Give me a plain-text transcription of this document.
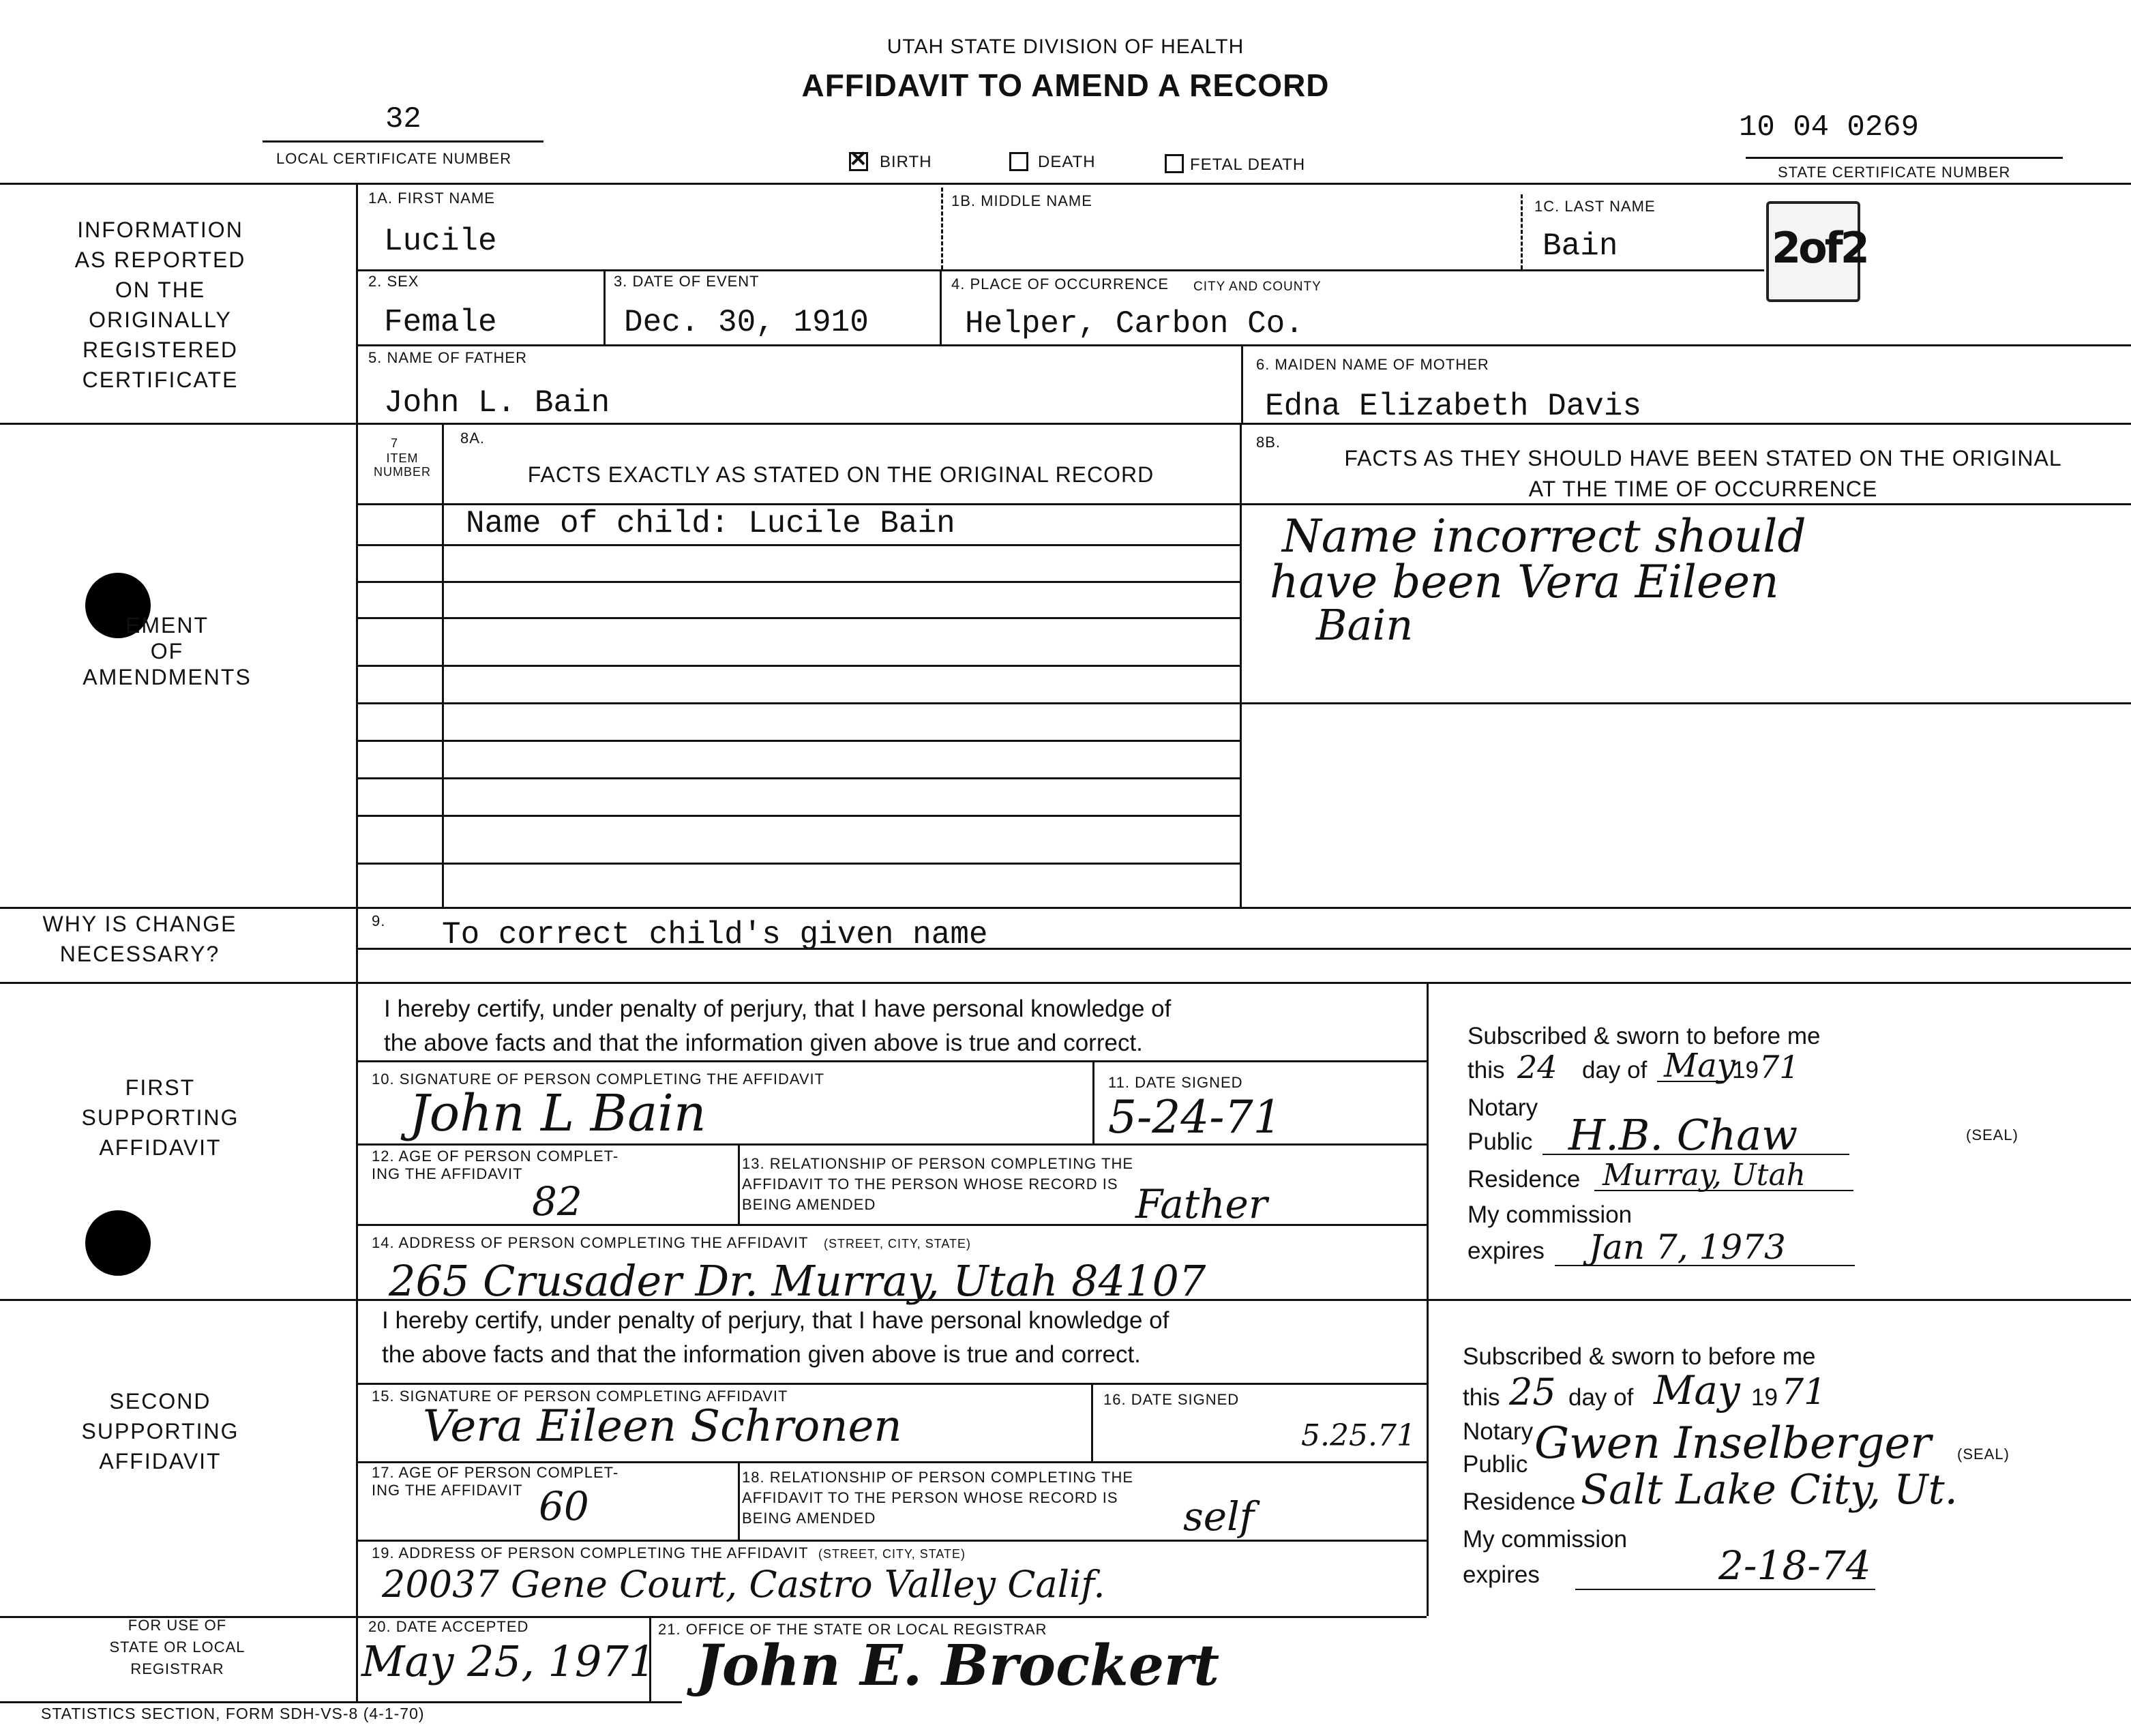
UTAH STATE DIVISION OF HEALTH
AFFIDAVIT TO AMEND A RECORD
32
LOCAL CERTIFICATE NUMBER
10 04 0269
STATE CERTIFICATE NUMBER
✕ BIRTH	DEATH	FETAL DEATH
2of2
INFORMATION
AS REPORTED
ON THE
ORIGINALLY
REGISTERED
CERTIFICATE
1A. FIRST NAME
Lucile
1B. MIDDLE NAME	1C. LAST NAME
Bain
2. SEX
Female
3. DATE OF EVENT
Dec. 30, 1910
4. PLACE OF OCCURRENCE CITY AND COUNTY
Helper, Carbon Co.
5. NAME OF FATHER
John L. Bain
6. MAIDEN NAME OF MOTHER
Edna Elizabeth Davis
EMENT
OF
AMENDMENTS
7
ITEM NUMBER
8A.
FACTS EXACTLY AS STATED ON THE ORIGINAL RECORD
8B.
FACTS AS THEY SHOULD HAVE BEEN STATED ON THE ORIGINAL
AT THE TIME OF OCCURRENCE
Name of child: Lucile Bain	Name incorrect should
have been Vera Eileen
Bain
WHY IS CHANGE
NECESSARY?
9. To correct child's given name
FIRST
SUPPORTING
AFFIDAVIT
I hereby certify, under penalty of perjury, that I have personal knowledge of
the above facts and that the information given above is true and correct.
10. SIGNATURE OF PERSON COMPLETING THE AFFIDAVIT
John L Bain
11. DATE SIGNED
5-24-71
12. AGE OF PERSON COMPLET-
ING THE AFFIDAVIT
82
13. RELATIONSHIP OF PERSON COMPLETING THE
AFFIDAVIT TO THE PERSON WHOSE RECORD IS
BEING AMENDED	Father
14. ADDRESS OF PERSON COMPLETING THE AFFIDAVIT (STREET, CITY, STATE)
265 Crusader Dr. Murray, Utah 84107
Subscribed & sworn to before me
this 24 day of May
19 71
Notary
Public H.B. Chaw	(SEAL)
Residence Murray, Utah
My commission
expires Jan 7, 1973
SECOND
SUPPORTING
AFFIDAVIT
I hereby certify, under penalty of perjury, that I have personal knowledge of
the above facts and that the information given above is true and correct.
15. SIGNATURE OF PERSON COMPLETING AFFIDAVIT
Vera Eileen Schronen
16. DATE SIGNED
5.25.71
17. AGE OF PERSON COMPLET-
ING THE AFFIDAVIT 60
18. RELATIONSHIP OF PERSON COMPLETING THE
AFFIDAVIT TO THE PERSON WHOSE RECORD IS
BEING AMENDED	self
19. ADDRESS OF PERSON COMPLETING THE AFFIDAVIT (STREET, CITY, STATE)
20037 Gene Court, Castro Valley Calif.
Subscribed & sworn to before me
this 25 day of May 19 71
Notary
Public Gwen Inselberger (SEAL)
Residence Salt Lake City, Ut.
My commission
expires	2-18-74
FOR USE OF
STATE OR LOCAL
REGISTRAR
20. DATE ACCEPTED
May 25, 1971
21. OFFICE OF THE STATE OR LOCAL REGISTRAR
John E. Brockert
STATISTICS SECTION, FORM SDH-VS-8 (4-1-70)
